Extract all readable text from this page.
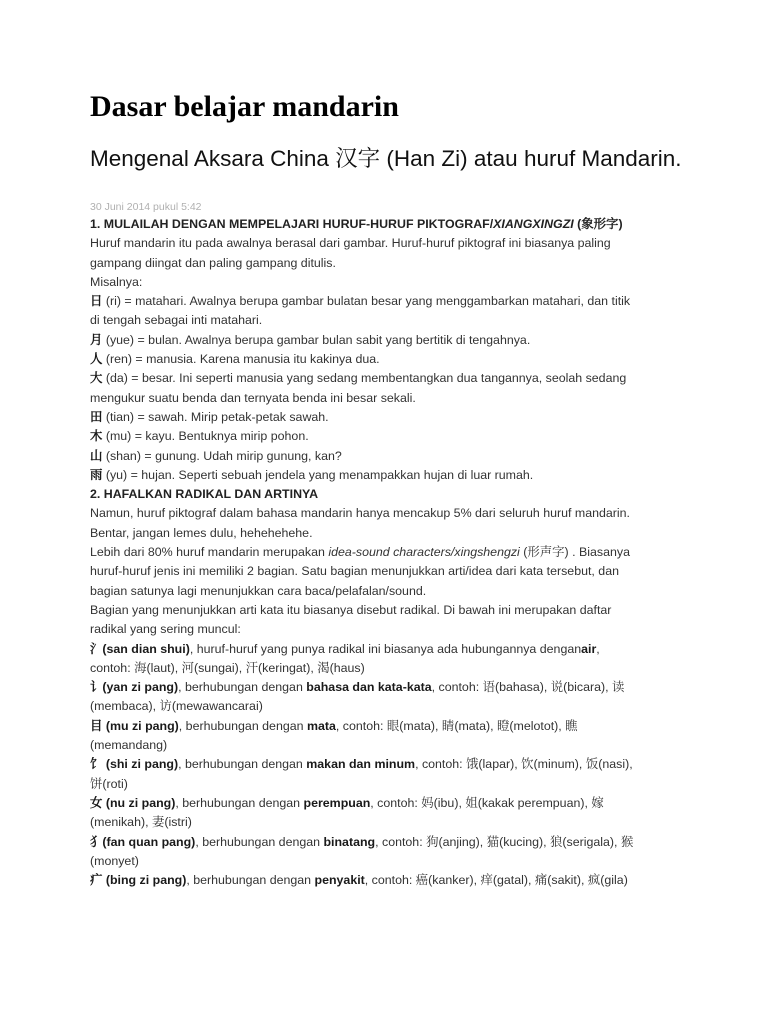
Dasar belajar mandarin
Mengenal Aksara China 汉字 (Han Zi) atau huruf Mandarin.
30 Juni 2014 pukul 5:42
1. MULAILAH DENGAN MEMPELAJARI HURUF-HURUF PIKTOGRAF/XIANGXINGZI (象形字)
Huruf mandarin itu pada awalnya berasal dari gambar. Huruf-huruf piktograf ini biasanya paling
gampang diingat dan paling gampang ditulis.
Misalnya:
日 (ri) = matahari. Awalnya berupa gambar bulatan besar yang menggambarkan matahari, dan titik
di tengah sebagai inti matahari.
月 (yue) = bulan. Awalnya berupa gambar bulan sabit yang bertitik di tengahnya.
人 (ren) = manusia. Karena manusia itu kakinya dua.
大 (da) = besar. Ini seperti manusia yang sedang membentangkan dua tangannya, seolah sedang
mengukur suatu benda dan ternyata benda ini besar sekali.
田 (tian) = sawah. Mirip petak-petak sawah.
木 (mu) = kayu. Bentuknya mirip pohon.
山 (shan) = gunung. Udah mirip gunung, kan?
雨 (yu) = hujan. Seperti sebuah jendela yang menampakkan hujan di luar rumah.
2. HAFALKAN RADIKAL DAN ARTINYA
Namun, huruf piktograf dalam bahasa mandarin hanya mencakup 5% dari seluruh huruf mandarin.
Bentar, jangan lemes dulu, hehehehehe.
Lebih dari 80% huruf mandarin merupakan idea-sound characters/xingshengzi (形声字) . Biasanya
huruf-huruf jenis ini memiliki 2 bagian. Satu bagian menunjukkan arti/idea dari kata tersebut, dan
bagian satunya lagi menunjukkan cara baca/pelafalan/sound.
Bagian yang menunjukkan arti kata itu biasanya disebut radikal. Di bawah ini merupakan daftar
radikal yang sering muncul:
氵(san dian shui), huruf-huruf yang punya radikal ini biasanya ada hubungannya denganair,
contoh: 海(laut), 河(sungai), 汗(keringat), 渴(haus)
讠(yan zi pang), berhubungan dengan bahasa dan kata-kata, contoh: 语(bahasa), 说(bicara), 读
(membaca), 访(mewawancarai)
目 (mu zi pang), berhubungan dengan mata, contoh: 眼(mata), 睛(mata), 瞪(melotot), 瞧
(memandang)
饣 (shi zi pang), berhubungan dengan makan dan minum, contoh: 饿(lapar), 饮(minum), 饭(nasi),
饼(roti)
女 (nu zi pang), berhubungan dengan perempuan, contoh: 妈(ibu), 姐(kakak perempuan), 嫁
(menikah), 妻(istri)
犭(fan quan pang), berhubungan dengan binatang, contoh: 狗(anjing), 猫(kucing), 狼(serigala), 猴
(monyet)
疒 (bing zi pang), berhubungan dengan penyakit, contoh: 癌(kanker), 痒(gatal), 痛(sakit), 疯(gila)
